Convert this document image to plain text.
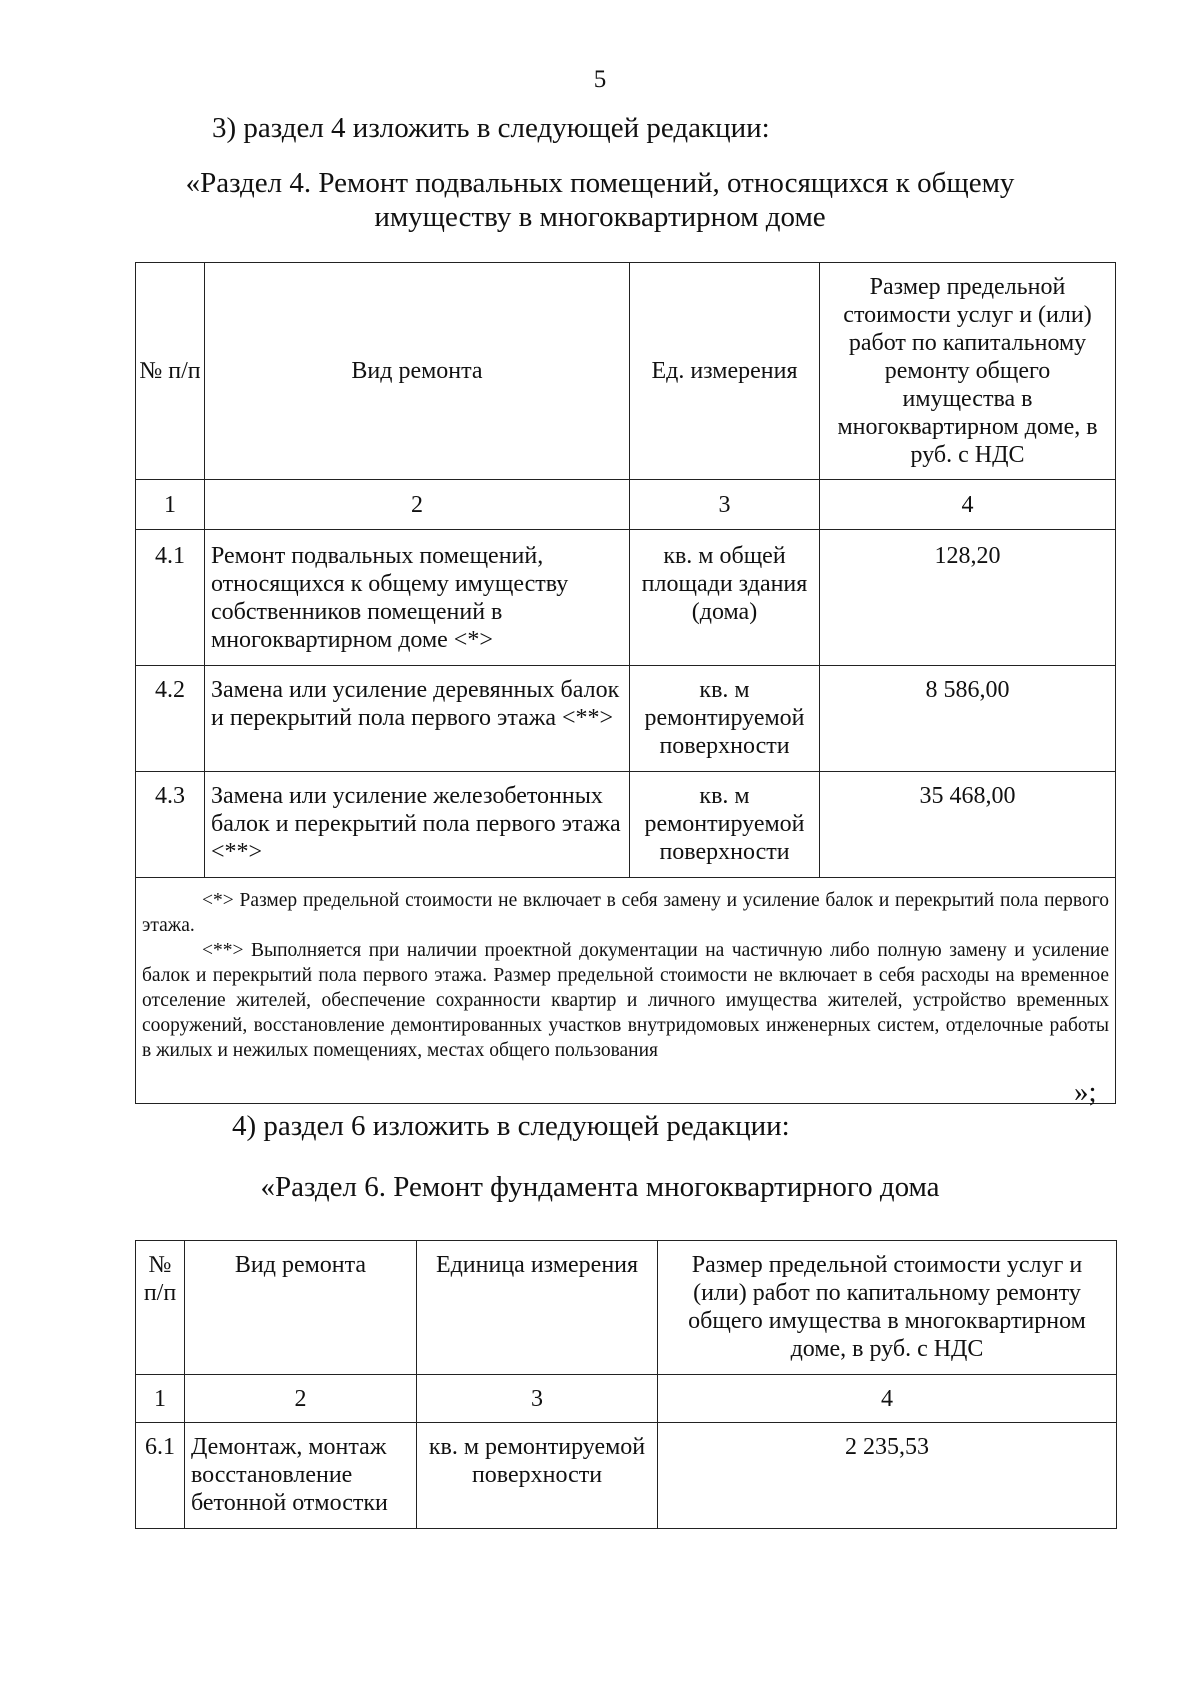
5
3) раздел 4 изложить в следующей редакции:
«Раздел 4. Ремонт подвальных помещений, относящихся к общему
имуществу в многоквартирном доме
№ п/п	Вид ремонта	Ед. измерения	Размер предельной стоимости услуг и (или) работ по капитальному ремонту общего имущества в многоквартирном доме, в руб. с НДС
1	2	3	4
4.1	Ремонт подвальных помещений, относящихся к общему имуществу собственников помещений в многоквартирном доме <*>	кв. м общей площади здания (дома)	128,20
4.2	Замена или усиление деревянных балок и перекрытий пола первого этажа <**>	кв. м ремонтируемой поверхности	8 586,00
4.3	Замена или усиление железобетонных балок и перекрытий пола первого этажа <**>	кв. м ремонтируемой поверхности	35 468,00

<*> Размер предельной стоимости не включает в себя замену и усиление балок и перекрытий пола первого этажа.

<**> Выполняется при наличии проектной документации на частичную либо полную замену и усиление балок и перекрытий пола первого этажа. Размер предельной стоимости не включает в себя расходы на временное отселение жителей, обеспечение сохранности квартир и личного имущества жителей, устройство временных сооружений, восстановление демонтированных участков внутридомовых инженерных систем, отделочные работы в жилых и нежилых помещениях, местах общего пользования			

»;
4) раздел 6 изложить в следующей редакции:
«Раздел 6. Ремонт фундамента многоквартирного дома
№ п/п	Вид ремонта	Единица измерения	Размер предельной стоимости услуг и (или) работ по капитальному ремонту общего имущества в многоквартирном доме, в руб. с НДС
1	2	3	4
6.1	Демонтаж, монтаж восстановление бетонной отмостки	кв. м ремонтируемой поверхности	2 235,53
